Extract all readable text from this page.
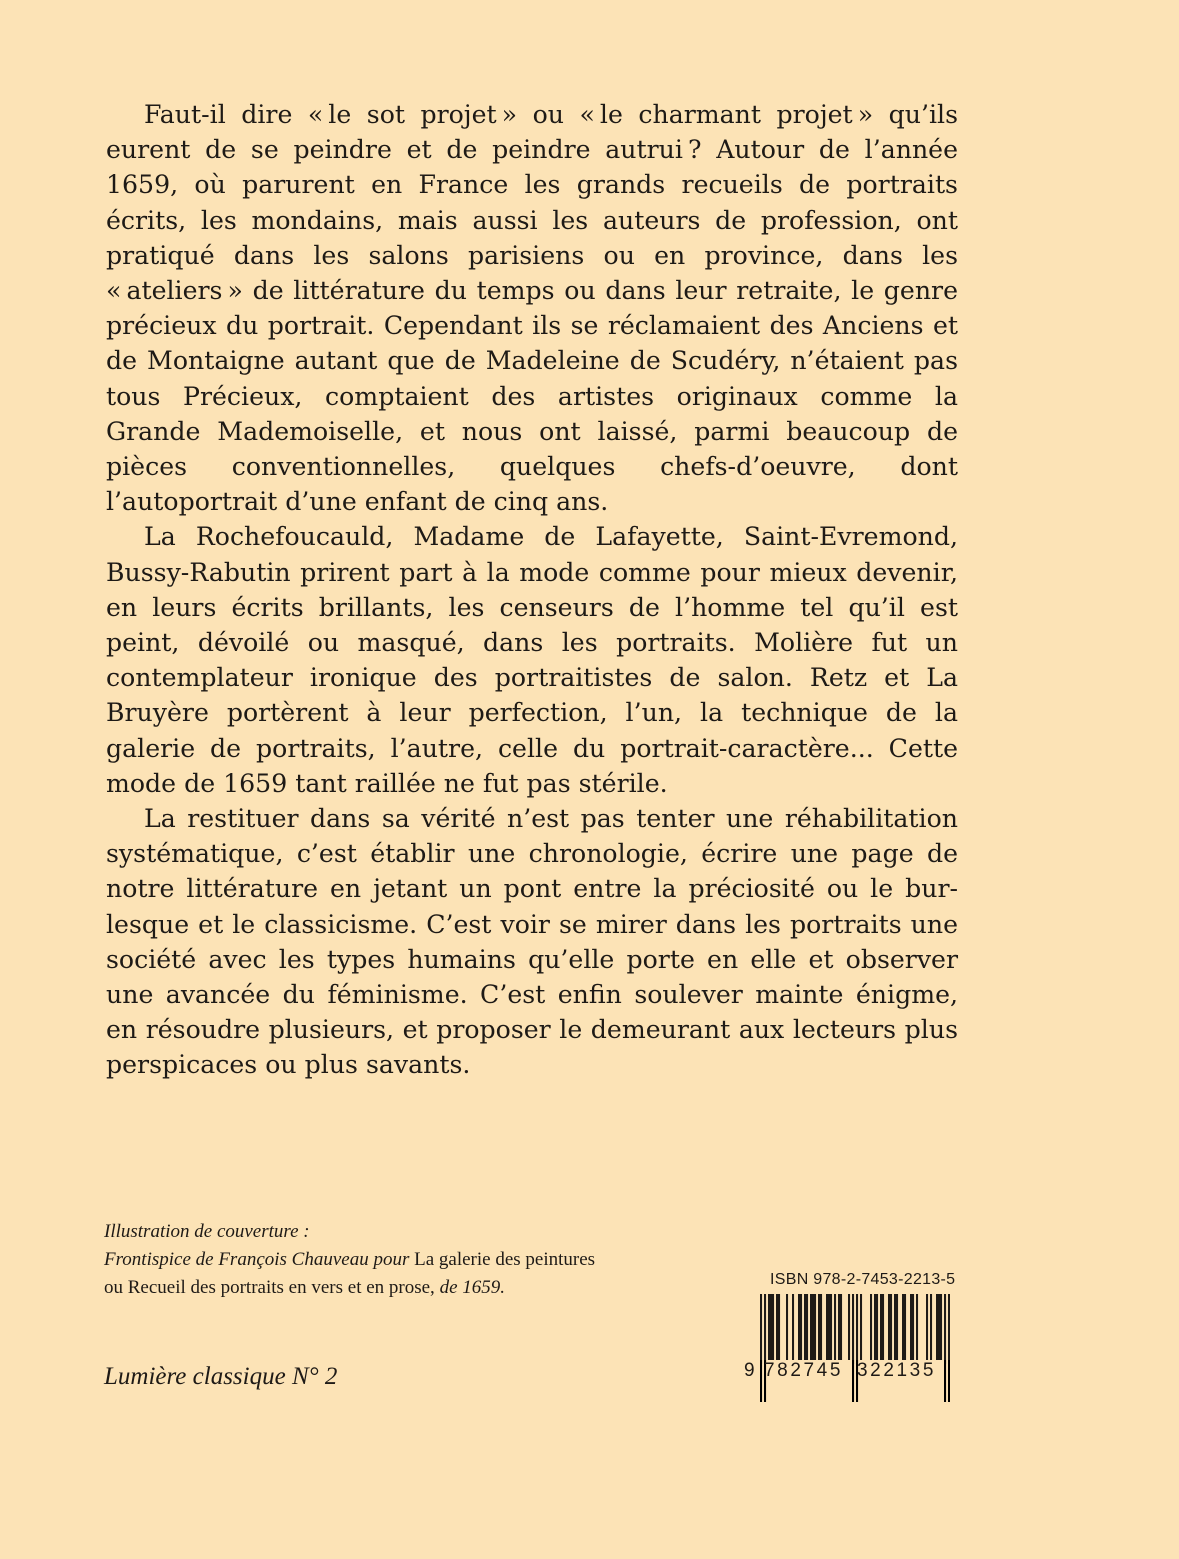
Faut-il dire « le sot projet » ou « le charmant projet » qu’ils eurent de se peindre et de peindre autrui ? Autour de l’année 1659, où parurent en France les grands recueils de portraits écrits, les mondains, mais aussi les auteurs de profession, ont pratiqué dans les salons parisiens ou en province, dans les « ateliers » de littérature du temps ou dans leur retraite, le genre précieux du portrait. Cependant ils se réclamaient des Anciens et de Montaigne autant que de Madeleine de Scudéry, n’étaient pas tous Précieux, comptaient des artistes originaux comme la Grande Mademoiselle, et nous ont laissé, parmi beaucoup de pièces conventionnelles, quelques chefs-d’oeuvre, dont l’autoportrait d’une enfant de cinq ans.

La Rochefoucauld, Madame de Lafayette, Saint-Evremond, Bussy-Rabutin prirent part à la mode comme pour mieux devenir, en leurs écrits brillants, les censeurs de l’homme tel qu’il est peint, dévoilé ou masqué, dans les portraits. Molière fut un contemplateur ironique des portraitistes de salon. Retz et La Bruyère portèrent à leur perfection, l’un, la technique de la galerie de portraits, l’autre, celle du portrait-caractère... Cette mode de 1659 tant raillée ne fut pas stérile.

La restituer dans sa vérité n’est pas tenter une réhabilitation systématique, c’est établir une chronologie, écrire une page de notre littérature en jetant un pont entre la préciosité ou le burlesque et le classicisme. C’est voir se mirer dans les portraits une société avec les types humains qu’elle porte en elle et observer une avancée du féminisme. C’est enfin soulever mainte énigme, en résoudre plusieurs, et proposer le demeurant aux lecteurs plus perspicaces ou plus savants.

Illustration de couverture :
Frontispice de François Chauveau pour La galerie des peintures
ou Recueil des portraits en vers et en prose, de 1659.
Lumière classique N° 2
ISBN 978-2-7453-2213-5
9 782745 322135
